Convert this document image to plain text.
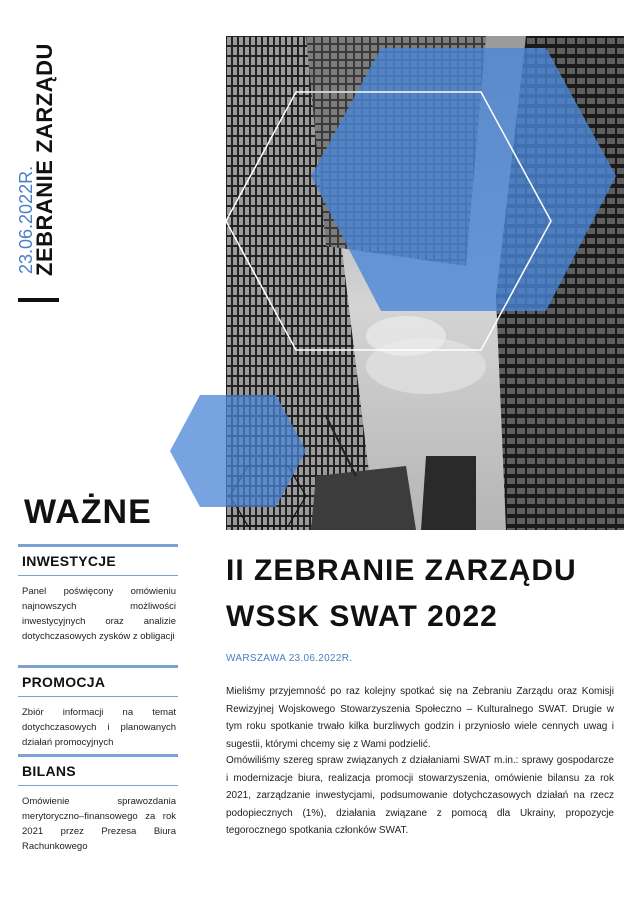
ZEBRANIE ZARZĄDU
23.06.2022R.
WAŻNE
INWESTYCJE
Panel poświęcony omówieniu najnowszych możliwości inwestycyjnych oraz analizie dotychczasowych zysków z obligacji
PROMOCJA
Zbiór informacji na temat dotychczasowych i planowanych działań promocyjnych
BILANS
Omówienie sprawozdania merytoryczno–finansowego za rok 2021 przez Prezesa Biura Rachunkowego
II ZEBRANIE ZARZĄDU
WSSK SWAT 2022
WARSZAWA 23.06.2022R.
Mieliśmy przyjemność po raz kolejny spotkać się na Zebraniu Zarządu oraz Komisji Rewizyjnej Wojskowego Stowarzyszenia Społeczno – Kulturalnego SWAT. Drugie w tym roku spotkanie trwało kilka burzliwych godzin i przyniosło wiele cennych uwag i sugestii, którymi chcemy się z Wami podzielić.
Omówiliśmy szereg spraw związanych z działaniami SWAT m.in.: sprawy gospodarcze i modernizacje biura, realizacja promocji stowarzyszenia, omówienie bilansu za rok 2021, zarządzanie inwestycjami, podsumowanie dotychczasowych działań na rzecz podopiecznych (1%), działania związane z pomocą dla Ukrainy, propozycje tegorocznego spotkania członków SWAT.
